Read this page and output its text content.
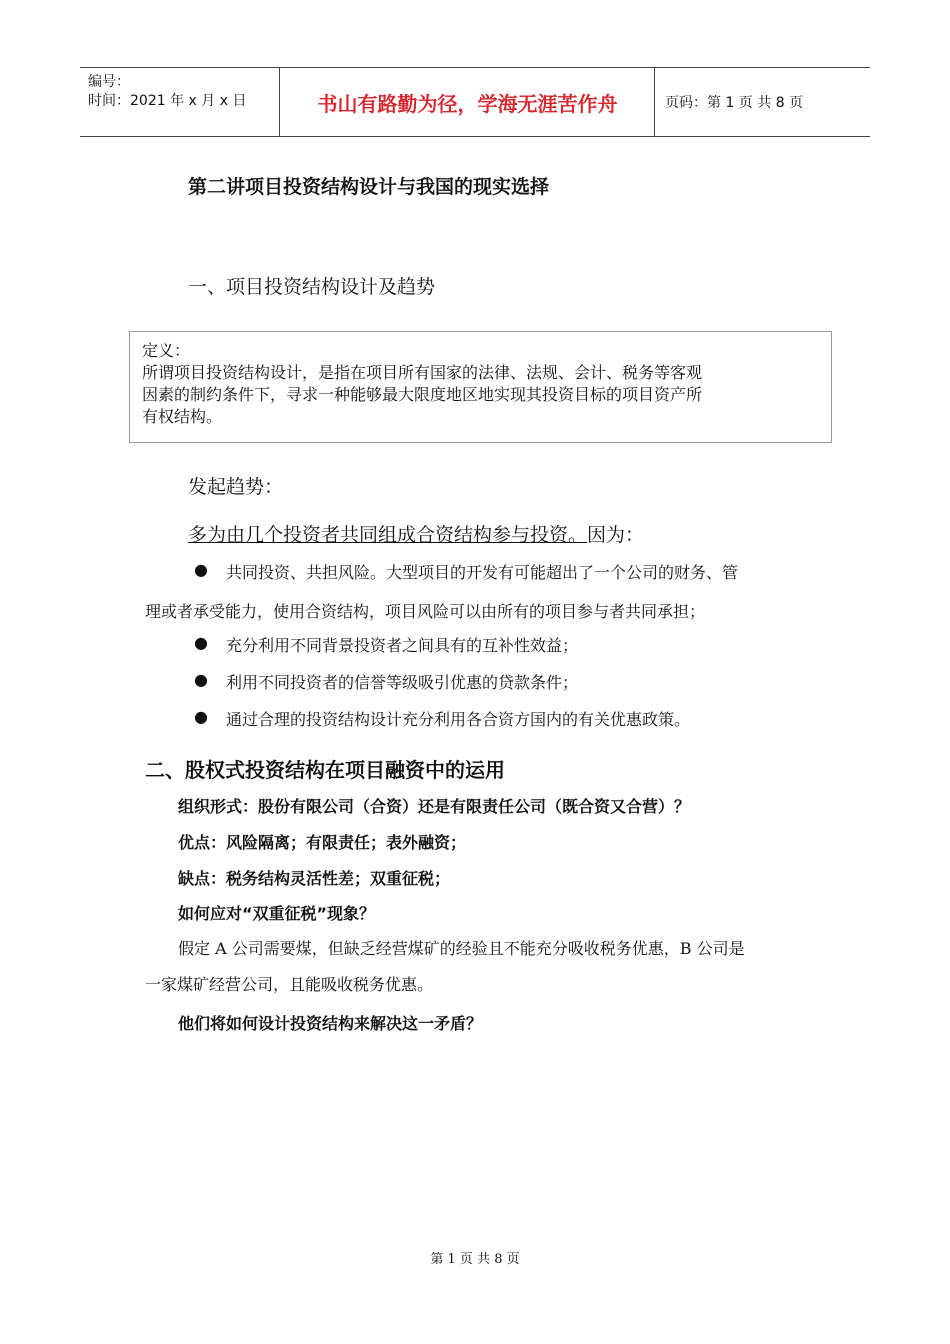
编号：
时间：2021 年 x 月 x 日	书山有路勤为径，学海无涯苦作舟	页码：第 1 页 共 8 页
第二讲项目投资结构设计与我国的现实选择
一、项目投资结构设计及趋势
定义：
所谓项目投资结构设计，是指在项目所有国家的法律、法规、会计、税务等客观
因素的制约条件下，寻求一种能够最大限度地区地实现其投资目标的项目资产所
有权结构。
发起趋势：
多为由几个投资者共同组成合资结构参与投资。因为：
● 共同投资、共担风险。大型项目的开发有可能超出了一个公司的财务、管
理或者承受能力，使用合资结构，项目风险可以由所有的项目参与者共同承担；
● 充分利用不同背景投资者之间具有的互补性效益；
● 利用不同投资者的信誉等级吸引优惠的贷款条件；
● 通过合理的投资结构设计充分利用各合资方国内的有关优惠政策。
二、股权式投资结构在项目融资中的运用
组织形式：股份有限公司（合资）还是有限责任公司（既合资又合营）？
优点：风险隔离；有限责任；表外融资；
缺点：税务结构灵活性差；双重征税；
如何应对“双重征税”现象？
假定 A 公司需要煤，但缺乏经营煤矿的经验且不能充分吸收税务优惠，B 公司是
一家煤矿经营公司，且能吸收税务优惠。
他们将如何设计投资结构来解决这一矛盾？
第 1 页 共 8 页
